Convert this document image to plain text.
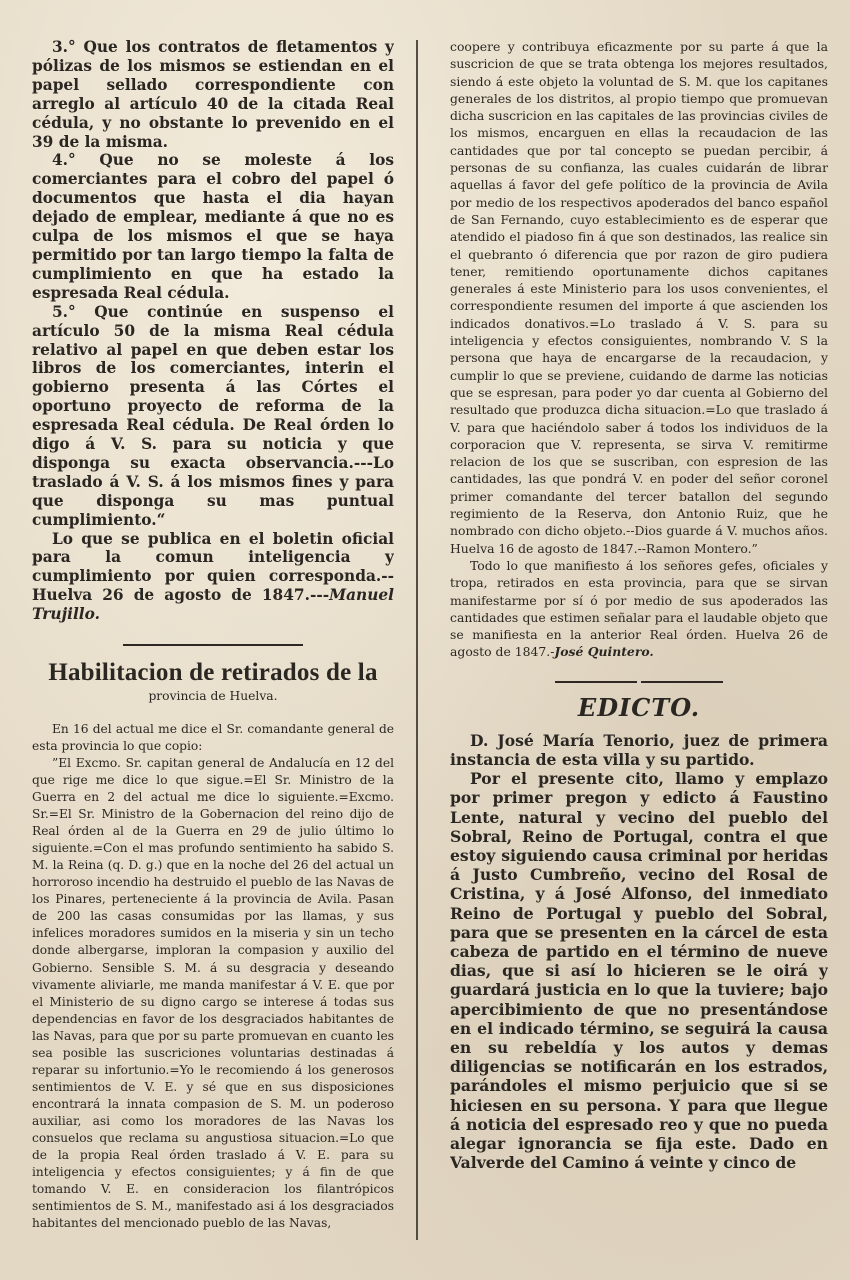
3.° Que los contratos de fletamentos y pólizas de los mismos se estiendan en el papel sellado correspondiente con arreglo al artículo 40 de la citada Real cédula, y no obstante lo prevenido en el 39 de la misma.

4.° Que no se moleste á los comerciantes para el cobro del papel ó documentos que hasta el dia hayan dejado de emplear, mediante á que no es culpa de los mismos el que se haya permitido por tan largo tiempo la falta de cumplimiento en que ha estado la espresada Real cédula.

5.° Que continúe en suspenso el artículo 50 de la misma Real cédula relativo al papel en que deben estar los libros de los comerciantes, interin el gobierno presenta á las Córtes el oportuno proyecto de reforma de la espresada Real cédula. De Real órden lo digo á V. S. para su noticia y que disponga su exacta observancia.---Lo traslado á V. S. á los mismos fines y para que disponga su mas puntual cumplimiento.“

Lo que se publica en el boletin oficial para la comun inteligencia y cumplimiento por quien corresponda.--Huelva 26 de agosto de 1847.---Manuel Trujillo.

Habilitacion de retirados de la
provincia de Huelva.

En 16 del actual me dice el Sr. comandante general de esta provincia lo que copio:

”El Excmo. Sr. capitan general de Andalucía en 12 del que rige me dice lo que sigue.=El Sr. Ministro de la Guerra en 2 del actual me dice lo siguiente.=Excmo. Sr.=El Sr. Ministro de la Gobernacion del reino dijo de Real órden al de la Guerra en 29 de julio último lo siguiente.=Con el mas profundo sentimiento ha sabido S. M. la Reina (q. D. g.) que en la noche del 26 del actual un horroroso incendio ha destruido el pueblo de las Navas de los Pinares, perteneciente á la provincia de Avila. Pasan de 200 las casas consumidas por las llamas, y sus infelices moradores sumidos en la miseria y sin un techo donde albergarse, imploran la compasion y auxilio del Gobierno. Sensible S. M. á su desgracia y deseando vivamente aliviarle, me manda manifestar á V. E. que por el Ministerio de su digno cargo se interese á todas sus dependencias en favor de los desgraciados habitantes de las Navas, para que por su parte promuevan en cuanto les sea posible las suscriciones voluntarias destinadas á reparar su infortunio.=Yo le recomiendo á los generosos sentimientos de V. E. y sé que en sus disposiciones encontrará la innata compasion de S. M. un poderoso auxiliar, asi como los moradores de las Navas los consuelos que reclama su angustiosa situacion.=Lo que de la propia Real órden traslado á V. E. para su inteligencia y efectos consiguientes; y á fin de que tomando V. E. en consideracion los filantrópicos sentimientos de S. M., manifestado asi á los desgraciados habitantes del mencionado pueblo de las Navas,

coopere y contribuya eficazmente por su parte á que la suscricion de que se trata obtenga los mejores resultados, siendo á este objeto la voluntad de S. M. que los capitanes generales de los distritos, al propio tiempo que promuevan dicha suscricion en las capitales de las provincias civiles de los mismos, encarguen en ellas la recaudacion de las cantidades que por tal concepto se puedan percibir, á personas de su confianza, las cuales cuidarán de librar aquellas á favor del gefe político de la provincia de Avila por medio de los respectivos apoderados del banco español de San Fernando, cuyo establecimiento es de esperar que atendido el piadoso fin á que son destinados, las realice sin el quebranto ó diferencia que por razon de giro pudiera tener, remitiendo oportunamente dichos capitanes generales á este Ministerio para los usos convenientes, el correspondiente resumen del importe á que ascienden los indicados donativos.=Lo traslado á V. S. para su inteligencia y efectos consiguientes, nombrando V. S la persona que haya de encargarse de la recaudacion, y cumplir lo que se previene, cuidando de darme las noticias que se espresan, para poder yo dar cuenta al Gobierno del resultado que produzca dicha situacion.=Lo que traslado á V. para que haciéndolo saber á todos los individuos de la corporacion que V. representa, se sirva V. remitirme relacion de los que se suscriban, con espresion de las cantidades, las que pondrá V. en poder del señor coronel primer comandante del tercer batallon del segundo regimiento de la Reserva, don Antonio Ruiz, que he nombrado con dicho objeto.--Dios guarde á V. muchos años. Huelva 16 de agosto de 1847.--Ramon Montero.”

Todo lo que manifiesto á los señores gefes, oficiales y tropa, retirados en esta provincia, para que se sirvan manifestarme por sí ó por medio de sus apoderados las cantidades que estimen señalar para el laudable objeto que se manifiesta en la anterior Real órden. Huelva 26 de agosto de 1847.-José Quintero.

EDICTO.

D. José María Tenorio, juez de primera instancia de esta villa y su partido.

Por el presente cito, llamo y emplazo por primer pregon y edicto á Faustino Lente, natural y vecino del pueblo del Sobral, Reino de Portugal, contra el que estoy siguiendo causa criminal por heridas á Justo Cumbreño, vecino del Rosal de Cristina, y á José Alfonso, del inmediato Reino de Portugal y pueblo del Sobral, para que se presenten en la cárcel de esta cabeza de partido en el término de nueve dias, que si así lo hicieren se le oirá y guardará justicia en lo que la tuviere; bajo apercibimiento de que no presentándose en el indicado término, se seguirá la causa en su rebeldía y los autos y demas diligencias se notificarán en los estrados, parándoles el mismo perjuicio que si se hiciesen en su persona. Y para que llegue á noticia del espresado reo y que no pueda alegar ignorancia se fija este. Dado en Valverde del Camino á veinte y cinco de
